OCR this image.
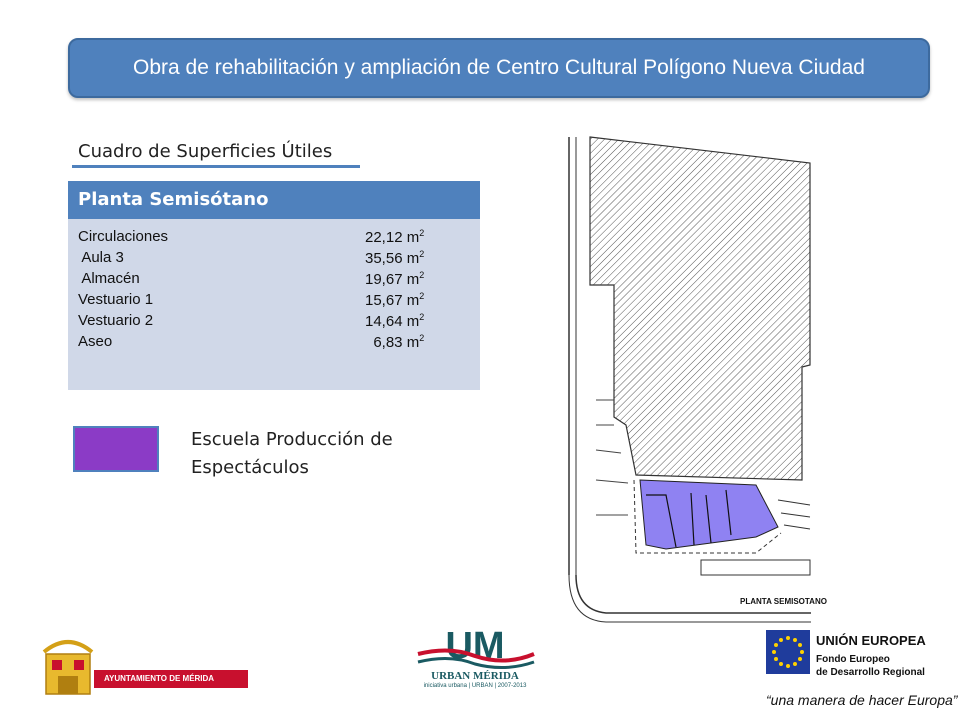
Obra de rehabilitación y ampliación de Centro Cultural Polígono Nueva Ciudad
Cuadro de Superficies Útiles
Planta Semisótano
Circulaciones	22,12 $m^2$
Aula 3	35,56 $m^2$
Almacén	19,67 $m^2$
Vestuario 1	15,67 $m^2$
Vestuario 2	14,64 $m^2$
Aseo	6,83 $m^2$
Escuela Producción de Espectáculos
PLANTA SEMISOTANO
AYUNTAMIENTO DE MÉRIDA
UM
URBAN MÉRIDA
iniciativa urbana | URBAN | 2007-2013
UNIÓN EUROPEA
Fondo Europeo
de Desarrollo Regional
“una manera de hacer Europa”
